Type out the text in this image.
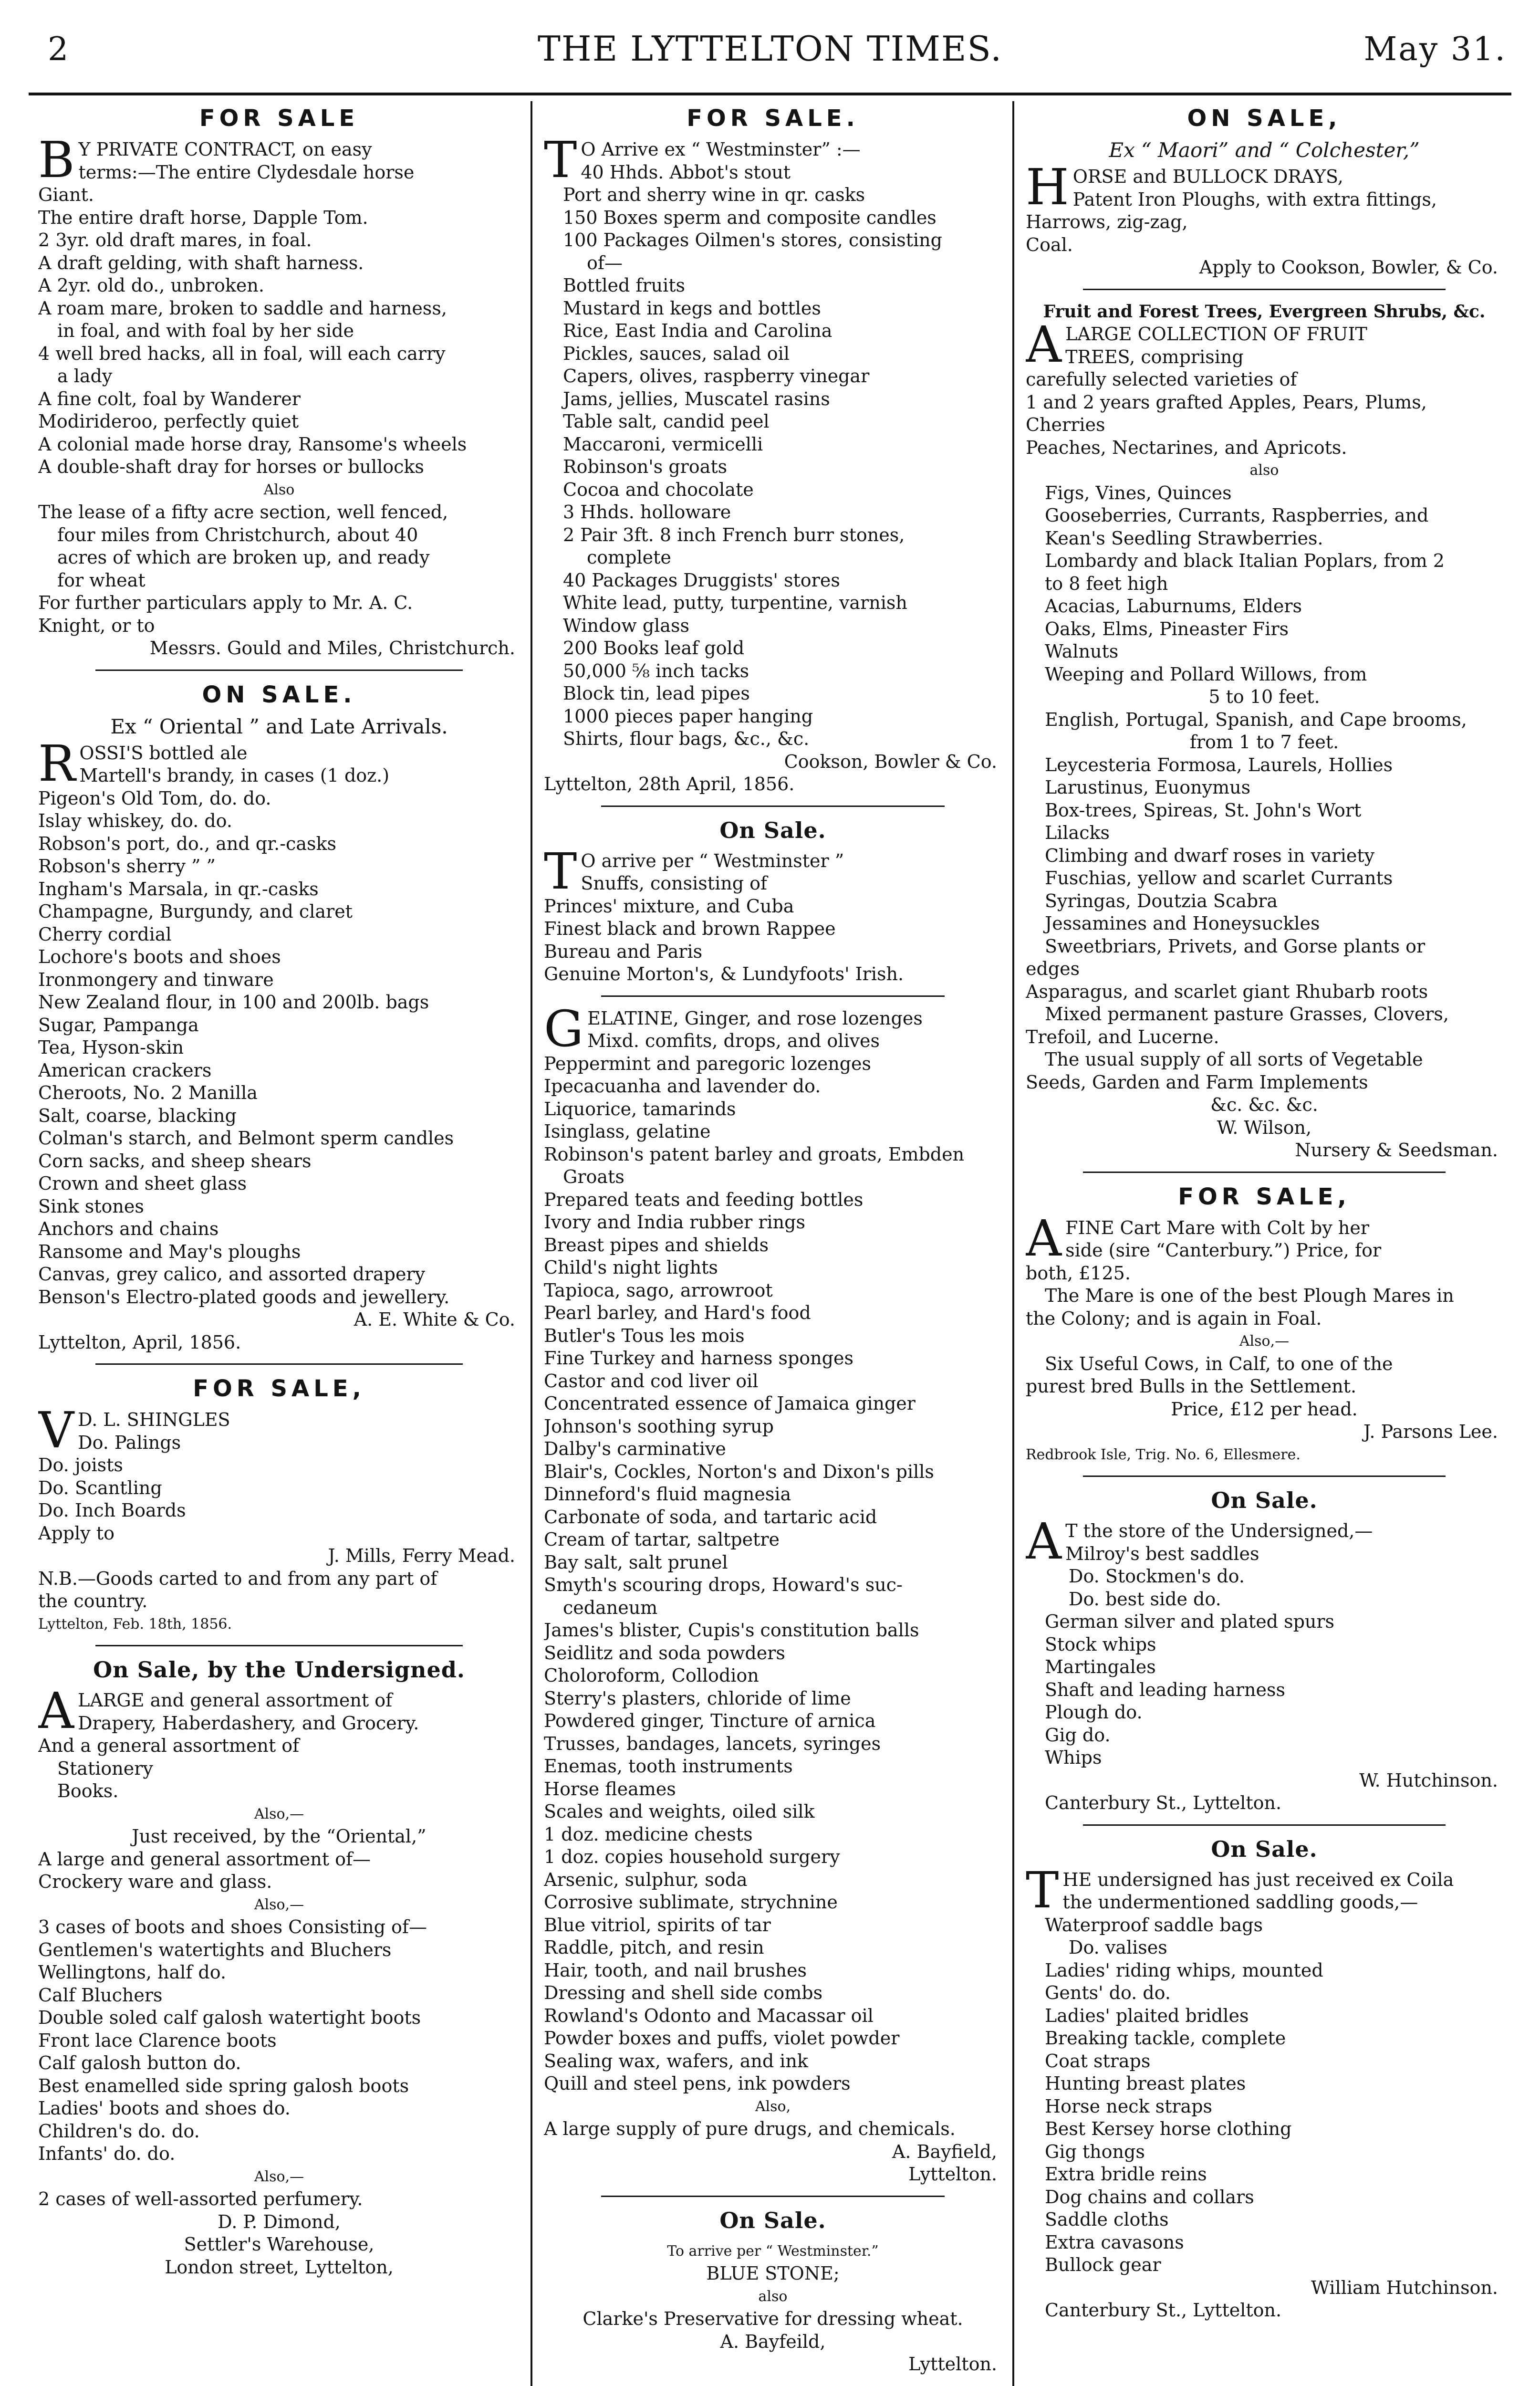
2	THE LYTTELTON TIMES.	May 31.
FOR SALE
B Y PRIVATE CONTRACT, on easy
terms:—The entire Clydesdale horse
Giant.
The entire draft horse, Dapple Tom.
2 3yr. old draft mares, in foal.
A draft gelding, with shaft harness.
A 2yr. old do., unbroken.
A roam mare, broken to saddle and harness,
in foal, and with foal by her side
4 well bred hacks, all in foal, will each carry
a lady
A fine colt, foal by Wanderer
Modirideroo, perfectly quiet
A colonial made horse dray, Ransome's wheels
A double-shaft dray for horses or bullocks
Also
The lease of a fifty acre section, well fenced,
four miles from Christchurch, about 40
acres of which are broken up, and ready
for wheat
For further particulars apply to Mr. A. C.
Knight, or to
Messrs. Gould and Miles, Christchurch.
ON SALE.
Ex “ Oriental ” and Late Arrivals.
R OSSI'S bottled ale
Martell's brandy, in cases (1 doz.)
Pigeon's Old Tom, do. do.
Islay whiskey, do. do.
Robson's port, do., and qr.-casks
Robson's sherry ” ”
Ingham's Marsala, in qr.-casks
Champagne, Burgundy, and claret
Cherry cordial
Lochore's boots and shoes
Ironmongery and tinware
New Zealand flour, in 100 and 200lb. bags
Sugar, Pampanga
Tea, Hyson-skin
American crackers
Cheroots, No. 2 Manilla
Salt, coarse, blacking
Colman's starch, and Belmont sperm candles
Corn sacks, and sheep shears
Crown and sheet glass
Sink stones
Anchors and chains
Ransome and May's ploughs
Canvas, grey calico, and assorted drapery
Benson's Electro-plated goods and jewellery.
A. E. White & Co.
Lyttelton, April, 1856.
FOR SALE,
V D. L. SHINGLES
Do. Palings
Do. joists
Do. Scantling
Do. Inch Boards
Apply to
J. Mills, Ferry Mead.
N.B.—Goods carted to and from any part of
the country.
Lyttelton, Feb. 18th, 1856.
On Sale, by the Undersigned.
A LARGE and general assortment of
Drapery, Haberdashery, and Grocery.
And a general assortment of
Stationery
Books.
Also,—
Just received, by the “Oriental,”
A large and general assortment of—
Crockery ware and glass.
Also,—
3 cases of boots and shoes Consisting of—
Gentlemen's watertights and Bluchers
Wellingtons, half do.
Calf Bluchers
Double soled calf galosh watertight boots
Front lace Clarence boots
Calf galosh button do.
Best enamelled side spring galosh boots
Ladies' boots and shoes do.
Children's do. do.
Infants' do. do.
Also,—
2 cases of well-assorted perfumery.
D. P. Dimond,
Settler's Warehouse,
London street, Lyttelton,
FOR SALE.
T O Arrive ex “ Westminster” :—
40 Hhds. Abbot's stout
Port and sherry wine in qr. casks
150 Boxes sperm and composite candles
100 Packages Oilmen's stores, consisting
of—
Bottled fruits
Mustard in kegs and bottles
Rice, East India and Carolina
Pickles, sauces, salad oil
Capers, olives, raspberry vinegar
Jams, jellies, Muscatel rasins
Table salt, candid peel
Maccaroni, vermicelli
Robinson's groats
Cocoa and chocolate
3 Hhds. holloware
2 Pair 3ft. 8 inch French burr stones,
complete
40 Packages Druggists' stores
White lead, putty, turpentine, varnish
Window glass
200 Books leaf gold
50,000 ⅝ inch tacks
Block tin, lead pipes
1000 pieces paper hanging
Shirts, flour bags, &c., &c.
Cookson, Bowler & Co.
Lyttelton, 28th April, 1856.
On Sale.
T O arrive per “ Westminster ”
Snuffs, consisting of
Princes' mixture, and Cuba
Finest black and brown Rappee
Bureau and Paris
Genuine Morton's, & Lundyfoots' Irish.
G ELATINE, Ginger, and rose lozenges
Mixd. comfits, drops, and olives
Peppermint and paregoric lozenges
Ipecacuanha and lavender do.
Liquorice, tamarinds
Isinglass, gelatine
Robinson's patent barley and groats, Embden
Groats
Prepared teats and feeding bottles
Ivory and India rubber rings
Breast pipes and shields
Child's night lights
Tapioca, sago, arrowroot
Pearl barley, and Hard's food
Butler's Tous les mois
Fine Turkey and harness sponges
Castor and cod liver oil
Concentrated essence of Jamaica ginger
Johnson's soothing syrup
Dalby's carminative
Blair's, Cockles, Norton's and Dixon's pills
Dinneford's fluid magnesia
Carbonate of soda, and tartaric acid
Cream of tartar, saltpetre
Bay salt, salt prunel
Smyth's scouring drops, Howard's suc-
cedaneum
James's blister, Cupis's constitution balls
Seidlitz and soda powders
Choloroform, Collodion
Sterry's plasters, chloride of lime
Powdered ginger, Tincture of arnica
Trusses, bandages, lancets, syringes
Enemas, tooth instruments
Horse fleames
Scales and weights, oiled silk
1 doz. medicine chests
1 doz. copies household surgery
Arsenic, sulphur, soda
Corrosive sublimate, strychnine
Blue vitriol, spirits of tar
Raddle, pitch, and resin
Hair, tooth, and nail brushes
Dressing and shell side combs
Rowland's Odonto and Macassar oil
Powder boxes and puffs, violet powder
Sealing wax, wafers, and ink
Quill and steel pens, ink powders
Also,
A large supply of pure drugs, and chemicals.
A. Bayfield,
Lyttelton.
On Sale.
To arrive per “ Westminster.”
BLUE STONE;
also
Clarke's Preservative for dressing wheat.
A. Bayfeild,
Lyttelton.
ON SALE,
Ex “ Maori” and “ Colchester,”
H ORSE and BULLOCK DRAYS,
Patent Iron Ploughs, with extra fittings,
Harrows, zig-zag,
Coal.
Apply to Cookson, Bowler, & Co.
Fruit and Forest Trees, Evergreen Shrubs, &c.
A LARGE COLLECTION OF FRUIT
TREES, comprising
carefully selected varieties of
1 and 2 years grafted Apples, Pears, Plums,
Cherries
Peaches, Nectarines, and Apricots.
also
Figs, Vines, Quinces
Gooseberries, Currants, Raspberries, and
Kean's Seedling Strawberries.
Lombardy and black Italian Poplars, from 2
to 8 feet high
Acacias, Laburnums, Elders
Oaks, Elms, Pineaster Firs
Walnuts
Weeping and Pollard Willows, from
5 to 10 feet.
English, Portugal, Spanish, and Cape brooms,
from 1 to 7 feet.
Leycesteria Formosa, Laurels, Hollies
Larustinus, Euonymus
Box-trees, Spireas, St. John's Wort
Lilacks
Climbing and dwarf roses in variety
Fuschias, yellow and scarlet Currants
Syringas, Doutzia Scabra
Jessamines and Honeysuckles
Sweetbriars, Privets, and Gorse plants or
edges
Asparagus, and scarlet giant Rhubarb roots
Mixed permanent pasture Grasses, Clovers,
Trefoil, and Lucerne.
The usual supply of all sorts of Vegetable
Seeds, Garden and Farm Implements
&c. &c. &c.
W. Wilson,
Nursery & Seedsman.
FOR SALE,
A FINE Cart Mare with Colt by her
side (sire “Canterbury.”) Price, for
both, £125.
The Mare is one of the best Plough Mares in
the Colony; and is again in Foal.
Also,—
Six Useful Cows, in Calf, to one of the
purest bred Bulls in the Settlement.
Price, £12 per head.
J. Parsons Lee.
Redbrook Isle, Trig. No. 6, Ellesmere.
On Sale.
A T the store of the Undersigned,—
Milroy's best saddles
Do. Stockmen's do.
Do. best side do.
German silver and plated spurs
Stock whips
Martingales
Shaft and leading harness
Plough do.
Gig do.
Whips
W. Hutchinson.
Canterbury St., Lyttelton.
On Sale.
T HE undersigned has just received ex Coila
the undermentioned saddling goods,—
Waterproof saddle bags
Do. valises
Ladies' riding whips, mounted
Gents' do. do.
Ladies' plaited bridles
Breaking tackle, complete
Coat straps
Hunting breast plates
Horse neck straps
Best Kersey horse clothing
Gig thongs
Extra bridle reins
Dog chains and collars
Saddle cloths
Extra cavasons
Bullock gear
William Hutchinson.
Canterbury St., Lyttelton.
